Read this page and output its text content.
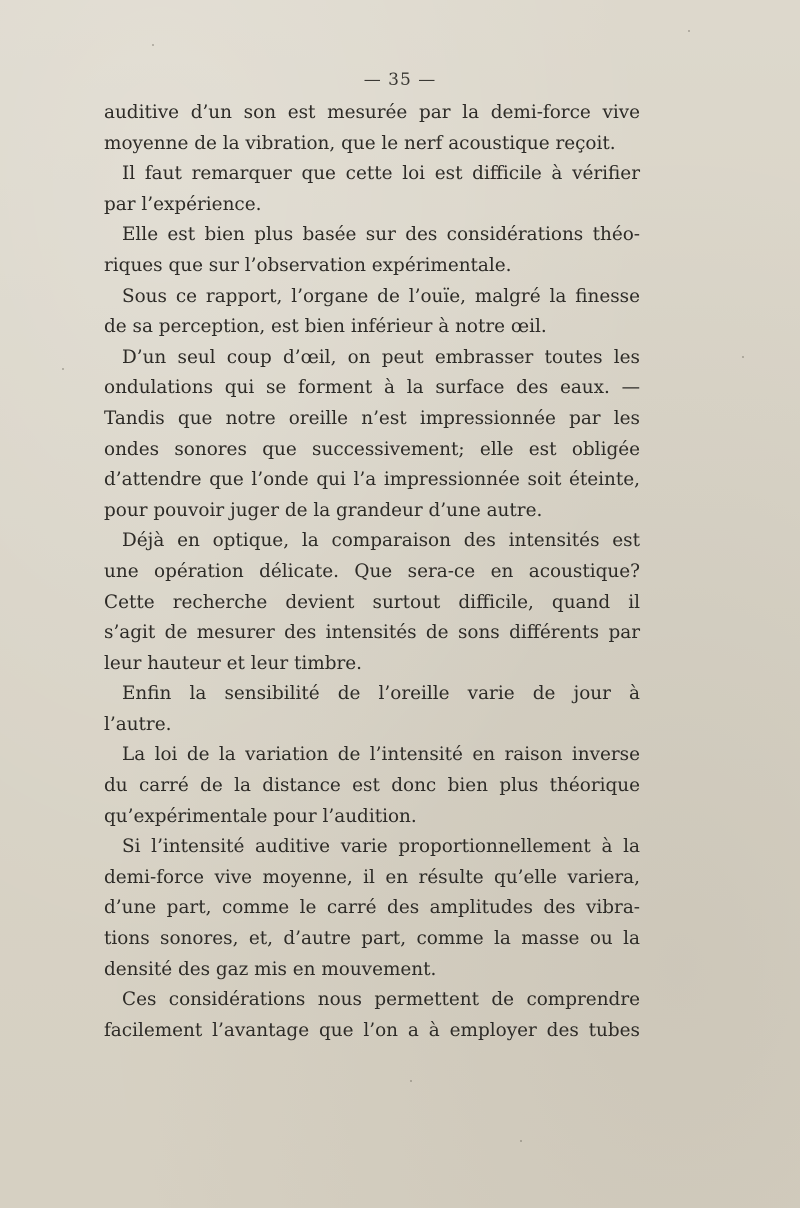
— 35 —
auditive d’un son est mesurée par la demi-force vive
moyenne de la vibration, que le nerf acoustique reçoit.
Il faut remarquer que cette loi est difficile à vérifier
par l’expérience.
Elle est bien plus basée sur des considérations théo-
riques que sur l’observation expérimentale.
Sous ce rapport, l’organe de l’ouïe, malgré la finesse
de sa perception, est bien inférieur à notre œil.
D’un seul coup d’œil, on peut embrasser toutes les
ondulations qui se forment à la surface des eaux. —
Tandis que notre oreille n’est impressionnée par les
ondes sonores que successivement; elle est obligée
d’attendre que l’onde qui l’a impressionnée soit éteinte,
pour pouvoir juger de la grandeur d’une autre.
Déjà en optique, la comparaison des intensités est
une opération délicate. Que sera-ce en acoustique?
Cette recherche devient surtout difficile, quand il
s’agit de mesurer des intensités de sons différents par
leur hauteur et leur timbre.
Enfin la sensibilité de l’oreille varie de jour à
l’autre.
La loi de la variation de l’intensité en raison inverse
du carré de la distance est donc bien plus théorique
qu’expérimentale pour l’audition.
Si l’intensité auditive varie proportionnellement à la
demi-force vive moyenne, il en résulte qu’elle variera,
d’une part, comme le carré des amplitudes des vibra-
tions sonores, et, d’autre part, comme la masse ou la
densité des gaz mis en mouvement.
Ces considérations nous permettent de comprendre
facilement l’avantage que l’on a à employer des tubes
